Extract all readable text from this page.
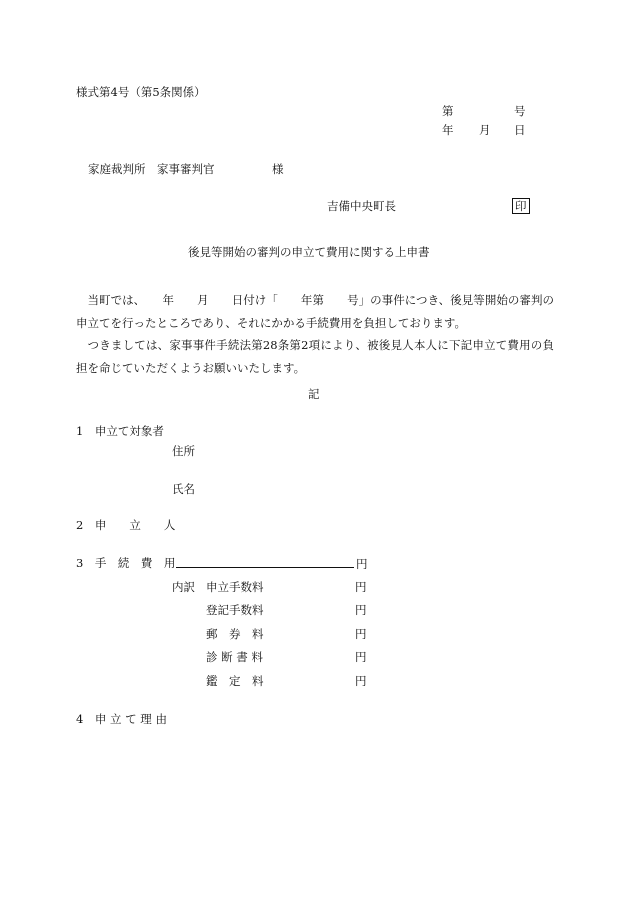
様式第4号（第5条関係）
第	号
年 月 日
家庭裁判所　家事審判官　　　　　様
吉備中央町長	印
後見等開始の審判の申立て費用に関する上申書

当町では、　　年　　月　　日付け「　　年第　　号」の事件につき、後見等開始の審判の申立てを行ったところであり、それにかかる手続費用を負担しております。

つきましては、家事事件手続法第28条第2項により、被後見人本人に下記申立て費用の負担を命じていただくようお願いいたします。

記
1　申立て対象者
住所
氏名
2　申　　立　　人
3　手　続　費　用	円
内訳 申立手数料	円
登記手数料	円
郵　券　料	円
診 断 書 料	円
鑑　定　料	円
4　申 立 て 理 由
